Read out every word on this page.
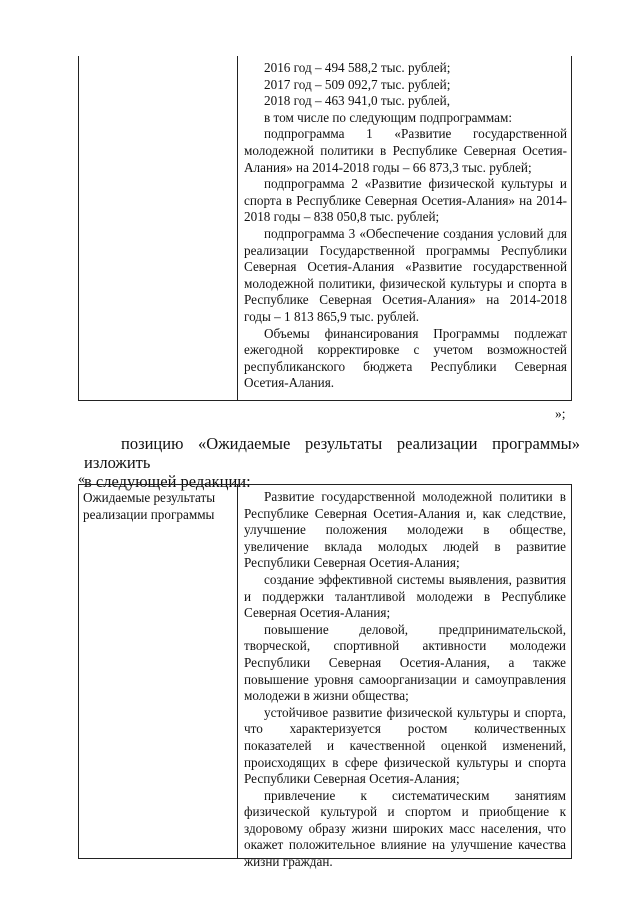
2016 год – 494 588,2 тыс. рублей;

2017 год – 509 092,7 тыс. рублей;

2018 год – 463 941,0 тыс. рублей,

в том числе по следующим подпрограммам:

подпрограмма 1 «Развитие государственной молодежной политики в Республике Северная Осетия-Алания» на 2014-2018 годы – 66 873,3 тыс. рублей;

подпрограмма 2 «Развитие физической культуры и спорта в Республике Северная Осетия-Алания» на 2014-2018 годы – 838 050,8 тыс. рублей;

подпрограмма 3 «Обеспечение создания условий для реализации Государственной программы Республики Северная Осетия-Алания «Развитие государственной молодежной политики, физической культуры и спорта в Республике Северная Осетия-Алания» на 2014-2018 годы – 1 813 865,9 тыс. рублей.

Объемы финансирования Программы подлежат ежегодной корректировке с учетом возможностей республиканского бюджета Республики Северная Осетия-Алания.

»;
позицию «Ожидаемые результаты реализации программы» изложить
в следующей редакции:
«
Ожидаемые результаты реализации программы

Развитие государственной молодежной политики в Республике Северная Осетия-Алания и, как следствие, улучшение положения молодежи в обществе, увеличение вклада молодых людей в развитие Республики Северная Осетия-Алания;

создание эффективной системы выявления, развития и поддержки талантливой молодежи в Республике Северная Осетия-Алания;

повышение деловой, предпринимательской, творческой, спортивной активности молодежи Республики Северная Осетия-Алания, а также повышение уровня самоорганизации и самоуправления молодежи в жизни общества;

устойчивое развитие физической культуры и спорта, что характеризуется ростом количественных показателей и качественной оценкой изменений, происходящих в сфере физической культуры и спорта Республики Северная Осетия-Алания;

привлечение к систематическим занятиям физической культурой и спортом и приобщение к здоровому образу жизни широких масс населения, что окажет положительное влияние на улучшение качества жизни граждан.
